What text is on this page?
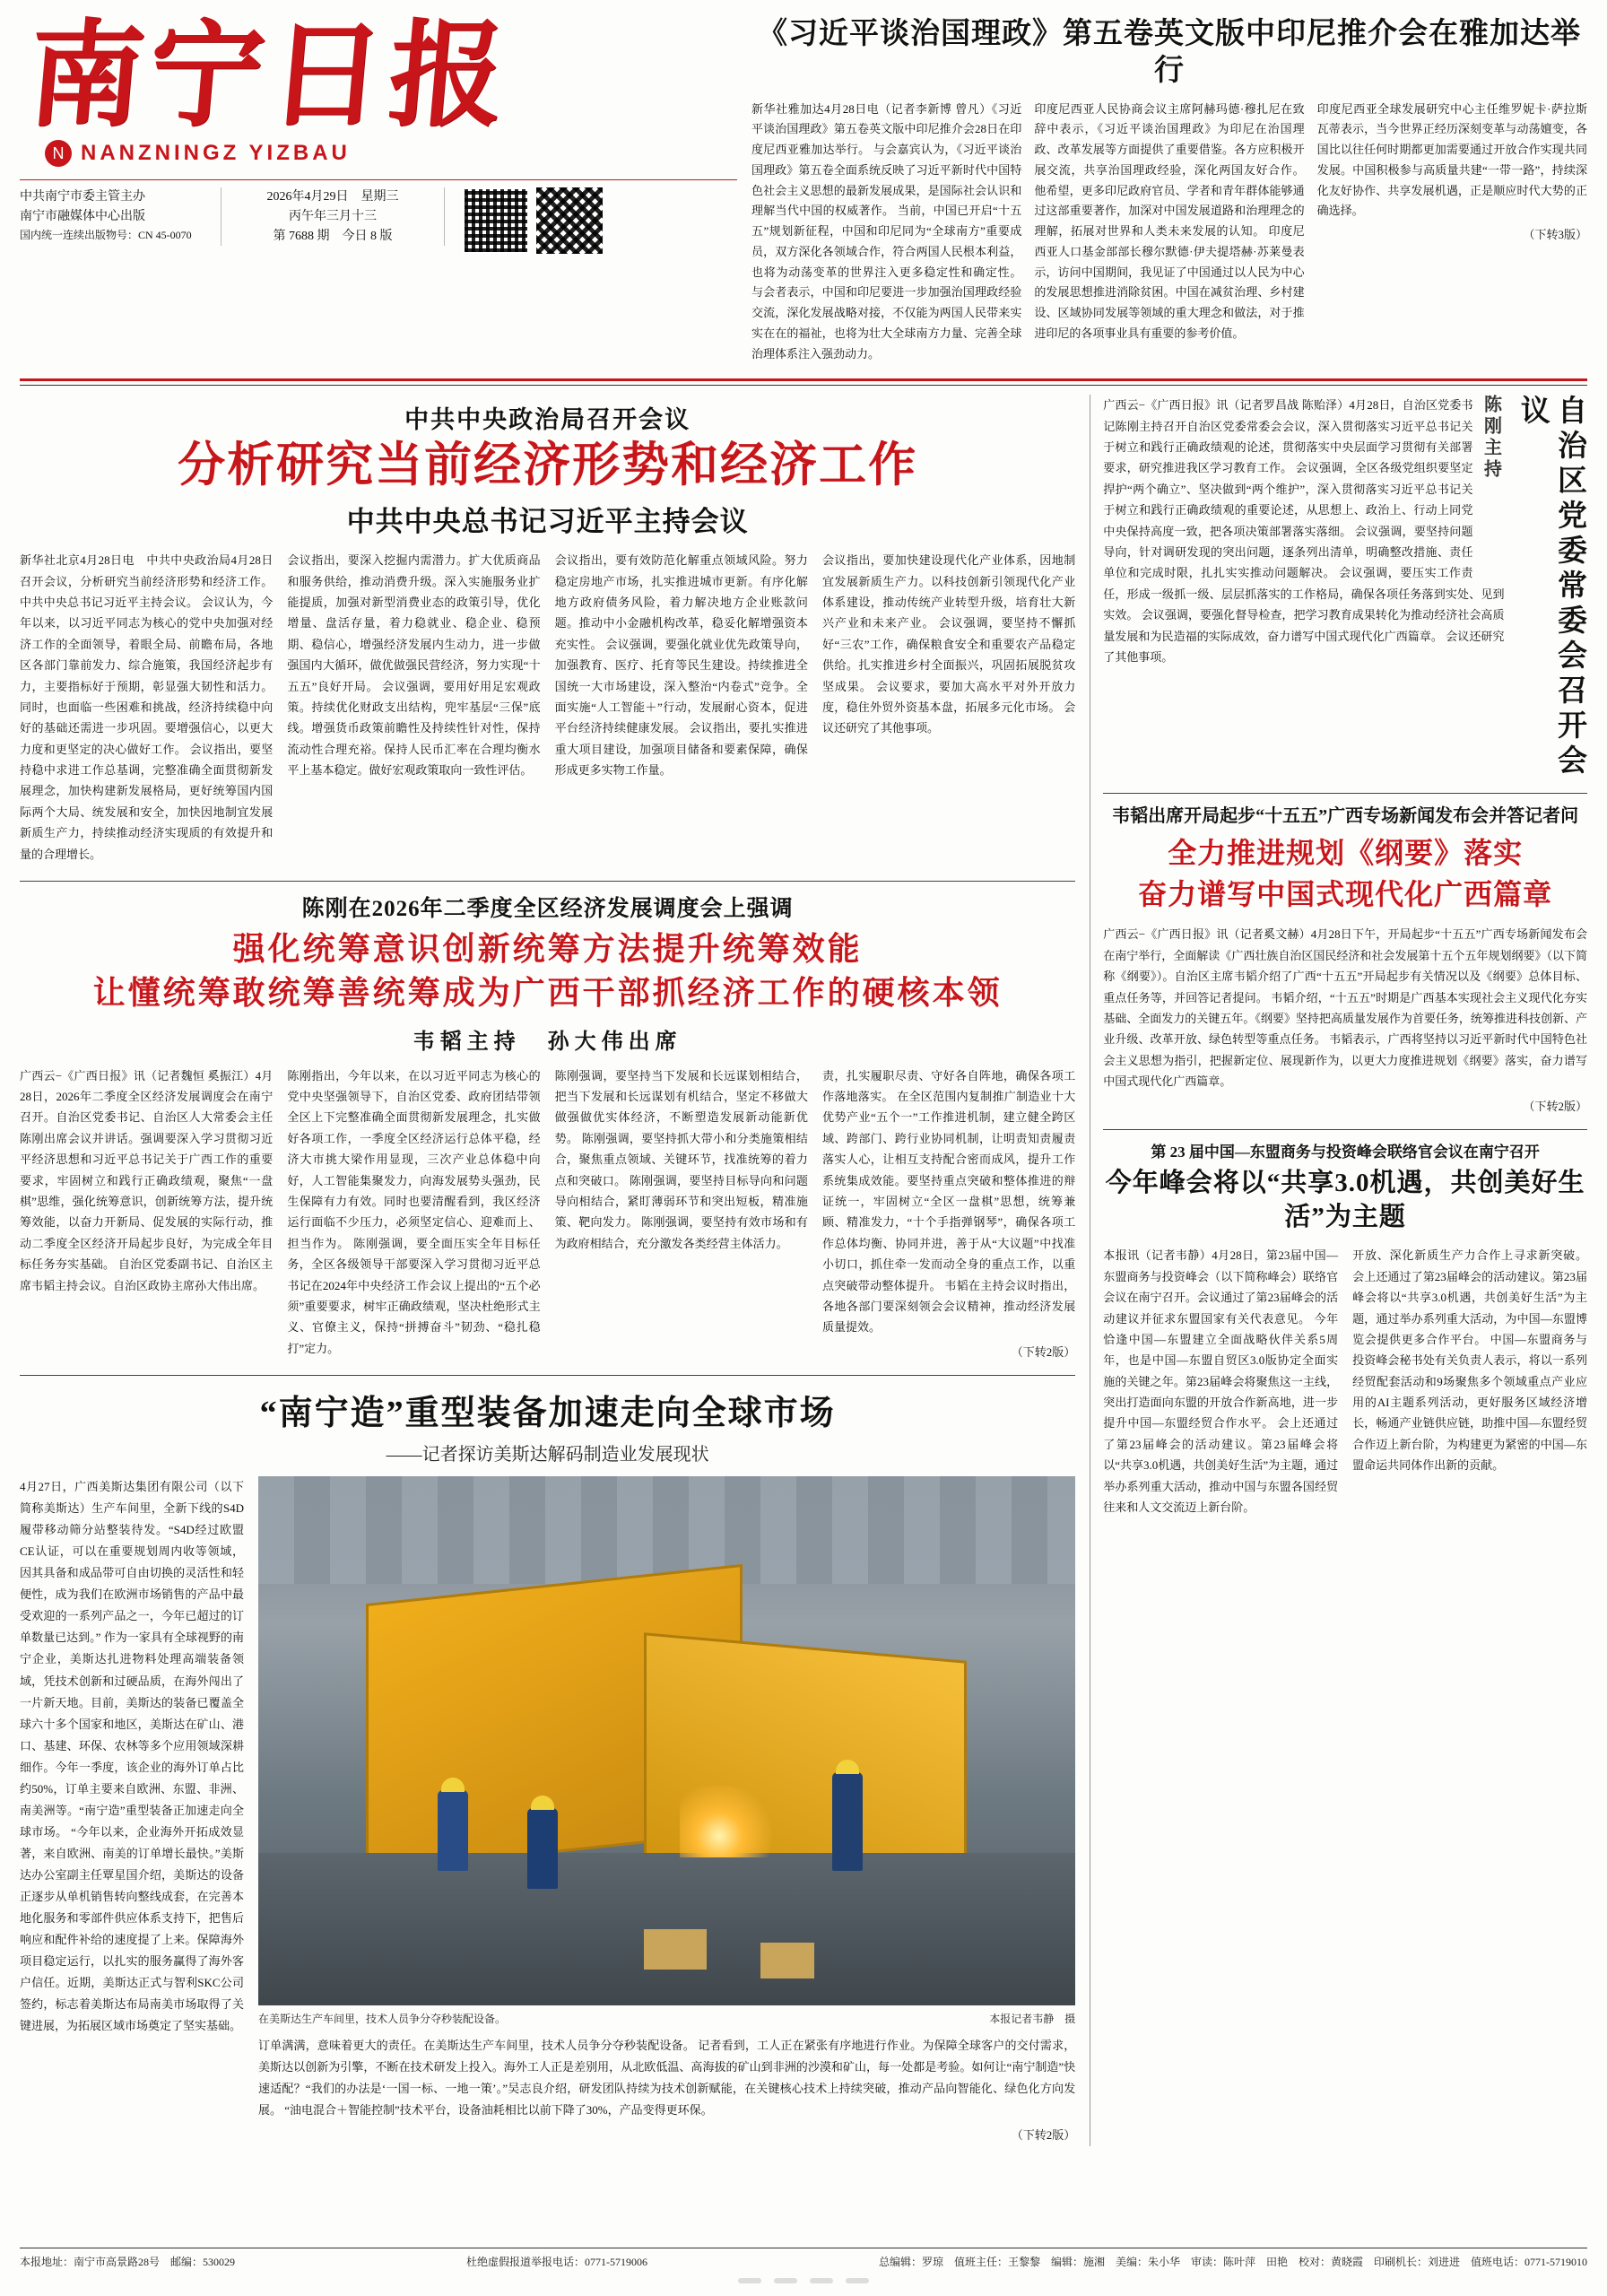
南宁日报
N NANZNINGZ YIZBAU
中共南宁市委主管主办
南宁市融媒体中心出版
国内统一连续出版物号：CN 45-0070
2026年4月29日　星期三
丙午年三月十三
第 7688 期　今日 8 版
《习近平谈治国理政》第五卷英文版中印尼推介会在雅加达举行

新华社雅加达4月28日电（记者李新博 曾凡）《习近平谈治国理政》第五卷英文版中印尼推介会28日在印度尼西亚雅加达举行。 与会嘉宾认为，《习近平谈治国理政》第五卷全面系统反映了习近平新时代中国特色社会主义思想的最新发展成果，是国际社会认识和理解当代中国的权威著作。 当前，中国已开启“十五五”规划新征程，中国和印尼同为“全球南方”重要成员，双方深化各领域合作，符合两国人民根本利益，也将为动荡变革的世界注入更多稳定性和确定性。 与会者表示，中国和印尼要进一步加强治国理政经验交流，深化发展战略对接，不仅能为两国人民带来实实在在的福祉，也将为壮大全球南方力量、完善全球治理体系注入强劲动力。

印度尼西亚人民协商会议主席阿赫玛德·穆扎尼在致辞中表示，《习近平谈治国理政》为印尼在治国理政、改革发展等方面提供了重要借鉴。各方应积极开展交流，共享治国理政经验，深化两国友好合作。 他希望，更多印尼政府官员、学者和青年群体能够通过这部重要著作，加深对中国发展道路和治理理念的理解，拓展对世界和人类未来发展的认知。 印度尼西亚人口基金部部长穆尔默德·伊夫提塔赫·苏莱曼表示，访问中国期间，我见证了中国通过以人民为中心的发展思想推进消除贫困。中国在减贫治理、乡村建设、区域协同发展等领域的重大理念和做法，对于推进印尼的各项事业具有重要的参考价值。

印度尼西亚全球发展研究中心主任维罗妮卡·萨拉斯瓦蒂表示，当今世界正经历深刻变革与动荡嬗变，各国比以往任何时期都更加需要通过开放合作实现共同发展。中国积极参与高质量共建“一带一路”，持续深化友好协作、共享发展机遇，正是顺应时代大势的正确选择。

（下转3版）
中共中央政治局召开会议
分析研究当前经济形势和经济工作
中共中央总书记习近平主持会议

新华社北京4月28日电　中共中央政治局4月28日召开会议，分析研究当前经济形势和经济工作。中共中央总书记习近平主持会议。 会议认为，今年以来，以习近平同志为核心的党中央加强对经济工作的全面领导，着眼全局、前瞻布局，各地区各部门靠前发力、综合施策，我国经济起步有力，主要指标好于预期，彰显强大韧性和活力。同时，也面临一些困难和挑战，经济持续稳中向好的基础还需进一步巩固。要增强信心，以更大力度和更坚定的决心做好工作。 会议指出，要坚持稳中求进工作总基调，完整准确全面贯彻新发展理念，加快构建新发展格局，更好统筹国内国际两个大局、统发展和安全，加快因地制宜发展新质生产力，持续推动经济实现质的有效提升和量的合理增长。

会议指出，要深入挖掘内需潜力。扩大优质商品和服务供给，推动消费升级。深入实施服务业扩能提质，加强对新型消费业态的政策引导，优化增量、盘活存量，着力稳就业、稳企业、稳预期、稳信心，增强经济发展内生动力，进一步做强国内大循环，做优做强民营经济，努力实现“十五五”良好开局。 会议强调，要用好用足宏观政策。持续优化财政支出结构，兜牢基层“三保”底线。增强货币政策前瞻性及持续性针对性，保持流动性合理充裕。保持人民币汇率在合理均衡水平上基本稳定。做好宏观政策取向一致性评估。

会议指出，要有效防范化解重点领域风险。努力稳定房地产市场，扎实推进城市更新。有序化解地方政府债务风险，着力解决地方企业账款问题。推动中小金融机构改革，稳妥化解增强资本充实性。 会议强调，要强化就业优先政策导向，加强教育、医疗、托育等民生建设。持续推进全国统一大市场建设，深入整治“内卷式”竞争。全面实施“人工智能＋”行动，发展耐心资本，促进平台经济持续健康发展。 会议指出，要扎实推进重大项目建设，加强项目储备和要素保障，确保形成更多实物工作量。

会议指出，要加快建设现代化产业体系，因地制宜发展新质生产力。以科技创新引领现代化产业体系建设，推动传统产业转型升级，培育壮大新兴产业和未来产业。 会议强调，要坚持不懈抓好“三农”工作，确保粮食安全和重要农产品稳定供给。扎实推进乡村全面振兴，巩固拓展脱贫攻坚成果。 会议要求，要加大高水平对外开放力度，稳住外贸外资基本盘，拓展多元化市场。 会议还研究了其他事项。

陈刚在2026年二季度全区经济发展调度会上强调
强化统筹意识创新统筹方法提升统筹效能
让懂统筹敢统筹善统筹成为广西干部抓经济工作的硬核本领
韦韬主持　孙大伟出席

广西云−《广西日报》讯（记者魏恒 奚振江）4月28日，2026年二季度全区经济发展调度会在南宁召开。自治区党委书记、自治区人大常委会主任陈刚出席会议并讲话。强调要深入学习贯彻习近平经济思想和习近平总书记关于广西工作的重要要求，牢固树立和践行正确政绩观，聚焦“一盘棋”思维，强化统筹意识，创新统筹方法，提升统筹效能，以奋力开新局、促发展的实际行动，推动二季度全区经济开局起步良好，为完成全年目标任务夯实基础。 自治区党委副书记、自治区主席韦韬主持会议。自治区政协主席孙大伟出席。

陈刚指出，今年以来，在以习近平同志为核心的党中央坚强领导下，自治区党委、政府团结带领全区上下完整准确全面贯彻新发展理念，扎实做好各项工作，一季度全区经济运行总体平稳，经济大市挑大梁作用显现，三次产业总体稳中向好，人工智能集聚发力，向海发展势头强劲，民生保障有力有效。同时也要清醒看到，我区经济运行面临不少压力，必须坚定信心、迎难而上、担当作为。 陈刚强调，要全面压实全年目标任务，全区各级领导干部要深入学习贯彻习近平总书记在2024年中央经济工作会议上提出的“五个必须”重要要求，树牢正确政绩观，坚决杜绝形式主义、官僚主义，保持“拼搏奋斗”韧劲、“稳扎稳打”定力。

陈刚强调，要坚持当下发展和长远谋划相结合，把当下发展和长远谋划有机结合，坚定不移做大做强做优实体经济，不断塑造发展新动能新优势。 陈刚强调，要坚持抓大带小和分类施策相结合，聚焦重点领域、关键环节，找准统筹的着力点和突破口。 陈刚强调，要坚持目标导向和问题导向相结合，紧盯薄弱环节和突出短板，精准施策、靶向发力。 陈刚强调，要坚持有效市场和有为政府相结合，充分激发各类经营主体活力。

责，扎实履职尽责、守好各自阵地，确保各项工作落地落实。 在全区范围内复制推广制造业十大优势产业“五个一”工作推进机制，建立健全跨区域、跨部门、跨行业协同机制，让明责知责履责落实人心，让相互支持配合密而成风，提升工作系统集成效能。要坚持重点突破和整体推进的辩证统一，牢固树立“全区一盘棋”思想，统筹兼顾、精准发力，“十个手指弹钢琴”，确保各项工作总体均衡、协同并进，善于从“大议题”中找准小切口，抓住牵一发而动全身的重点工作，以重点突破带动整体提升。 韦韬在主持会议时指出，各地各部门要深刻领会会议精神，推动经济发展质量提效。

（下转2版）
“南宁造”重型装备加速走向全球市场
——记者探访美斯达解码制造业发展现状

4月27日，广西美斯达集团有限公司（以下简称美斯达）生产车间里，全新下线的S4D履带移动筛分站整装待发。“S4D经过欧盟CE认证，可以在重要规划周内收等领域，因其具备和成品带可自由切换的灵活性和轻便性，成为我们在欧洲市场销售的产品中最受欢迎的一系列产品之一，今年已超过的订单数量已达到。” 作为一家具有全球视野的南宁企业，美斯达扎进物料处理高端装备领域，凭技术创新和过硬品质，在海外闯出了一片新天地。目前，美斯达的装备已覆盖全球六十多个国家和地区，美斯达在矿山、港口、基建、环保、农林等多个应用领域深耕细作。今年一季度，该企业的海外订单占比约50%，订单主要来自欧洲、东盟、非洲、南美洲等。“南宁造”重型装备正加速走向全球市场。 “今年以来，企业海外开拓成效显著，来自欧洲、南美的订单增长最快。”美斯达办公室副主任覃星国介绍，美斯达的设备正逐步从单机销售转向整线成套，在完善本地化服务和零部件供应体系支持下，把售后响应和配件补给的速度提了上来。保障海外项目稳定运行，以扎实的服务赢得了海外客户信任。近期，美斯达正式与智利SKC公司签约，标志着美斯达布局南美市场取得了关键进展，为拓展区域市场奠定了坚实基础。

在美斯达生产车间里，技术人员争分夺秒装配设备。	本报记者韦静　摄

订单满满，意味着更大的责任。在美斯达生产车间里，技术人员争分夺秒装配设备。 记者看到，工人正在紧张有序地进行作业。为保障全球客户的交付需求，美斯达以创新为引擎，不断在技术研发上投入。海外工人正是差别用，从北欧低温、高海拔的矿山到非洲的沙漠和矿山，每一处都是考验。如何让“南宁制造”快速适配？“我们的办法是‘一国一标、一地一策’。”吴志良介绍，研发团队持续为技术创新赋能，在关键核心技术上持续突破，推动产品向智能化、绿色化方向发展。 “油电混合＋智能控制”技术平台，设备油耗相比以前下降了30%，产品变得更环保。

（下转2版）
自治区党委常委会召开会议
陈刚主持

广西云−《广西日报》讯（记者罗昌战 陈贻泽）4月28日，自治区党委书记陈刚主持召开自治区党委常委会会议，深入贯彻落实习近平总书记关于树立和践行正确政绩观的论述，贯彻落实中央层面学习贯彻有关部署要求，研究推进我区学习教育工作。 会议强调，全区各级党组织要坚定捍护“两个确立”、坚决做到“两个维护”，深入贯彻落实习近平总书记关于树立和践行正确政绩观的重要论述，从思想上、政治上、行动上同党中央保持高度一致，把各项决策部署落实落细。 会议强调，要坚持问题导向，针对调研发现的突出问题，逐条列出清单，明确整改措施、责任单位和完成时限，扎扎实实推动问题解决。 会议强调，要压实工作责任，形成一级抓一级、层层抓落实的工作格局，确保各项任务落到实处、见到实效。 会议强调，要强化督导检查，把学习教育成果转化为推动经济社会高质量发展和为民造福的实际成效，奋力谱写中国式现代化广西篇章。 会议还研究了其他事项。

韦韬出席开局起步“十五五”广西专场新闻发布会并答记者问
全力推进规划《纲要》落实
奋力谱写中国式现代化广西篇章

广西云−《广西日报》讯（记者奚文赫）4月28日下午，开局起步“十五五”广西专场新闻发布会在南宁举行，全面解读《广西壮族自治区国民经济和社会发展第十五个五年规划纲要》（以下简称《纲要》）。自治区主席韦韬介绍了广西“十五五”开局起步有关情况以及《纲要》总体目标、重点任务等，并回答记者提问。 韦韬介绍，“十五五”时期是广西基本实现社会主义现代化夯实基础、全面发力的关键五年。《纲要》坚持把高质量发展作为首要任务，统筹推进科技创新、产业升级、改革开放、绿色转型等重点任务。 韦韬表示，广西将坚持以习近平新时代中国特色社会主义思想为指引，把握新定位、展现新作为，以更大力度推进规划《纲要》落实，奋力谱写中国式现代化广西篇章。

（下转2版）
第 23 届中国—东盟商务与投资峰会联络官会议在南宁召开
今年峰会将以“共享3.0机遇，共创美好生活”为主题

本报讯（记者韦静）4月28日，第23届中国—东盟商务与投资峰会（以下简称峰会）联络官会议在南宁召开。会议通过了第23届峰会的活动建议并征求东盟国家有关代表意见。 今年恰逢中国—东盟建立全面战略伙伴关系5周年，也是中国—东盟自贸区3.0版协定全面实施的关键之年。第23届峰会将聚焦这一主线，突出打造面向东盟的开放合作新高地，进一步提升中国—东盟经贸合作水平。 会上还通过了第23届峰会的活动建议。第23届峰会将以“共享3.0机遇，共创美好生活”为主题，通过举办系列重大活动，推动中国与东盟各国经贸往来和人文交流迈上新台阶。

开放、深化新质生产力合作上寻求新突破。 会上还通过了第23届峰会的活动建议。第23届峰会将以“共享3.0机遇，共创美好生活”为主题，通过举办系列重大活动，为中国—东盟博览会提供更多合作平台。 中国—东盟商务与投资峰会秘书处有关负责人表示，将以一系列经贸配套活动和9场聚焦多个领域重点产业应用的AI主题系列活动，更好服务区域经济增长，畅通产业链供应链，助推中国—东盟经贸合作迈上新台阶，为构建更为紧密的中国—东盟命运共同体作出新的贡献。

本报地址：南宁市高景路28号　邮编：530029	杜绝虚假报道举报电话：0771-5719006	总编辑：罗琼　值班主任：王黎黎　编辑：施湘　美编：朱小华　审读：陈叶萍　田艳　校对：黄晓霞　印刷机长：刘进进　值班电话：0771-5719010
